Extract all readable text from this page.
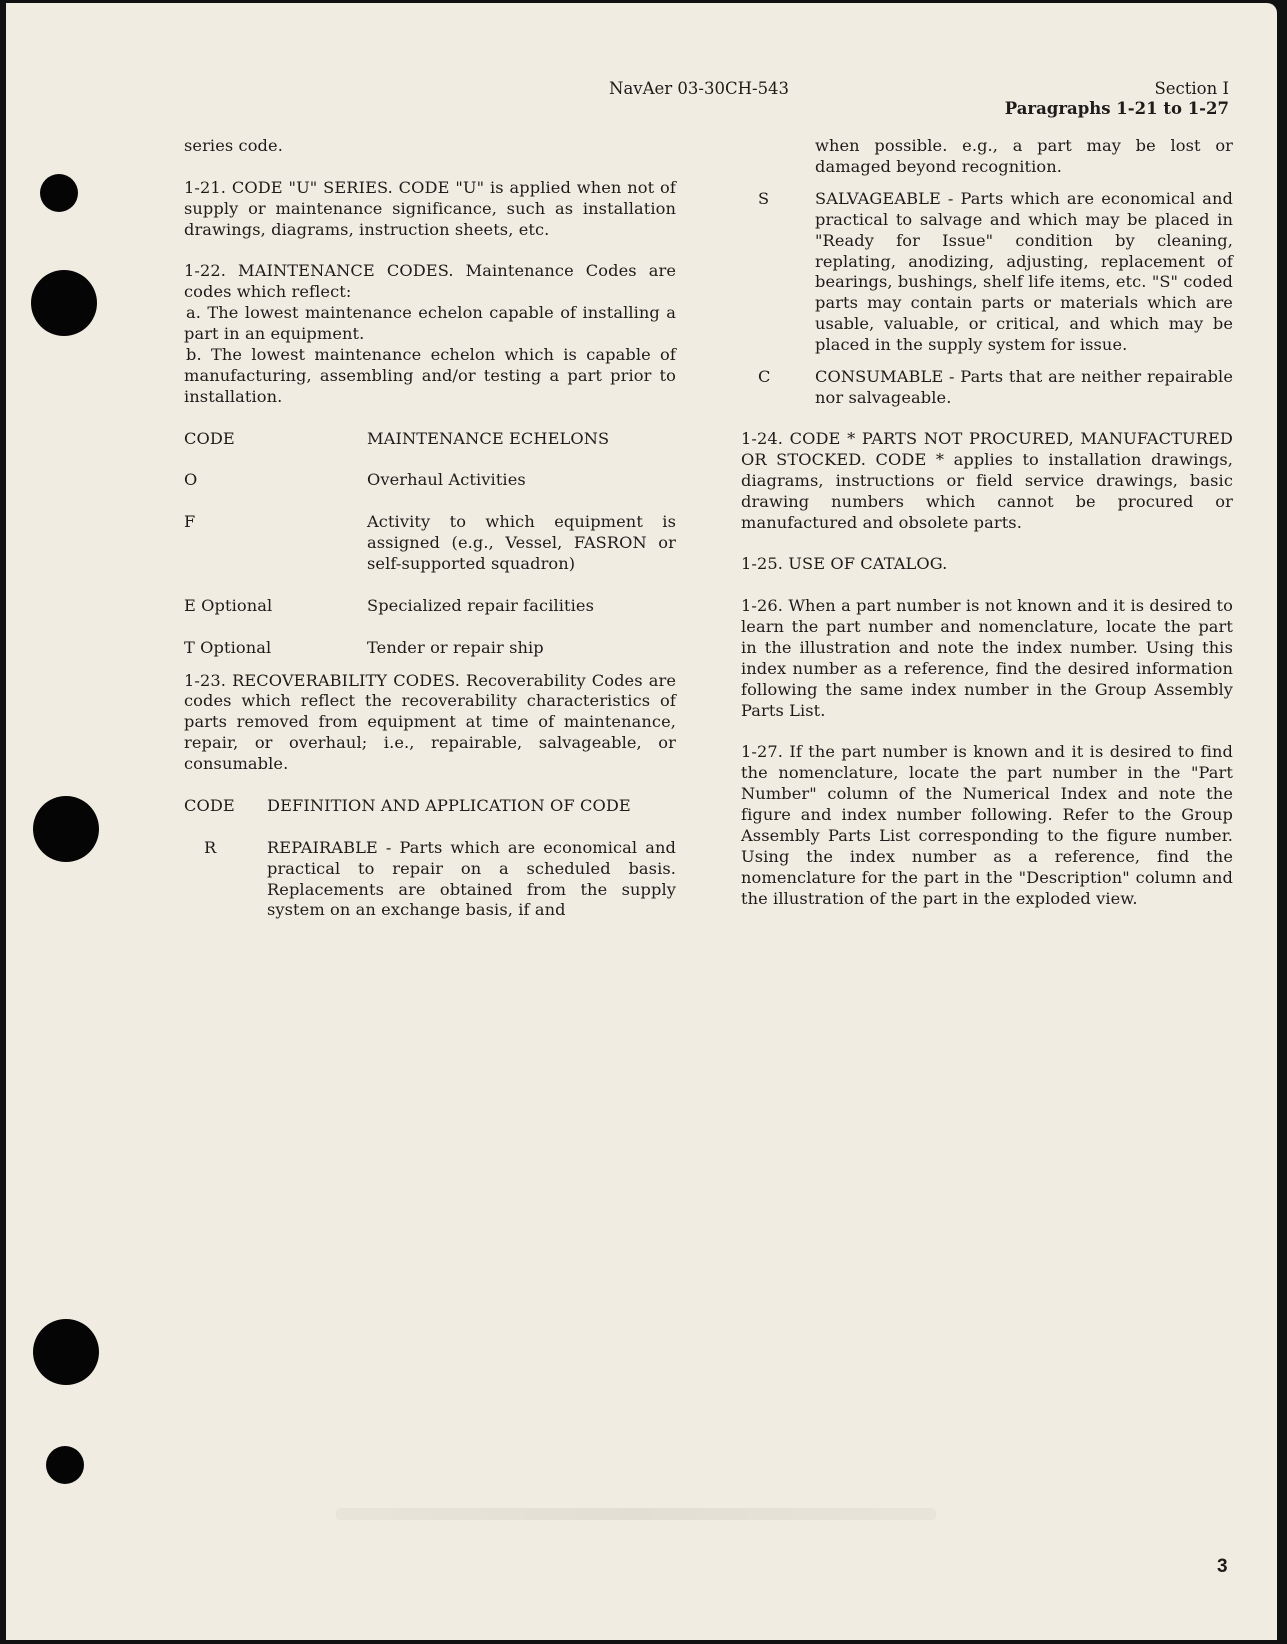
NavAer 03-30CH-543	Section I
Paragraphs 1-21 to 1-27

series code.

1-21. CODE "U" SERIES. CODE "U" is applied when not of supply or maintenance significance, such as installation drawings, diagrams, instruction sheets, etc.

1-22. MAINTENANCE CODES. Maintenance Codes are codes which reflect:

a. The lowest maintenance echelon capable of installing a part in an equipment.

b. The lowest maintenance echelon which is capable of manufacturing, assembling and/or testing a part prior to installation.

CODE	MAINTENANCE ECHELONS
O	Overhaul Activities
F	Activity to which equipment is assigned (e.g., Vessel, FASRON or self-supported squadron)
E Optional	Specialized repair facilities
T Optional	Tender or repair ship

1-23. RECOVERABILITY CODES. Recoverability Codes are codes which reflect the recoverability characteristics of parts removed from equipment at time of maintenance, repair, or overhaul; i.e., repairable, salvageable, or consumable.

CODE	DEFINITION AND APPLICATION OF CODE
R	REPAIRABLE - Parts which are economical and practical to repair on a scheduled basis. Replacements are obtained from the supply system on an exchange basis, if and
when possible. e.g., a part may be lost or damaged beyond recognition.
S	SALVAGEABLE - Parts which are economical and practical to salvage and which may be placed in "Ready for Issue" condition by cleaning, replating, anodizing, adjusting, replacement of bearings, bushings, shelf life items, etc. "S" coded parts may contain parts or materials which are usable, valuable, or critical, and which may be placed in the supply system for issue.
C	CONSUMABLE - Parts that are neither repairable nor salvageable.

1-24. CODE * PARTS NOT PROCURED, MANUFACTURED OR STOCKED. CODE * applies to installation drawings, diagrams, instructions or field service drawings, basic drawing numbers which cannot be procured or manufactured and obsolete parts.

1-25. USE OF CATALOG.

1-26. When a part number is not known and it is desired to learn the part number and nomenclature, locate the part in the illustration and note the index number. Using this index number as a reference, find the desired information following the same index number in the Group Assembly Parts List.

1-27. If the part number is known and it is desired to find the nomenclature, locate the part number in the "Part Number" column of the Numerical Index and note the figure and index number following. Refer to the Group Assembly Parts List corresponding to the figure number. Using the index number as a reference, find the nomenclature for the part in the "Description" column and the illustration of the part in the exploded view.

3
